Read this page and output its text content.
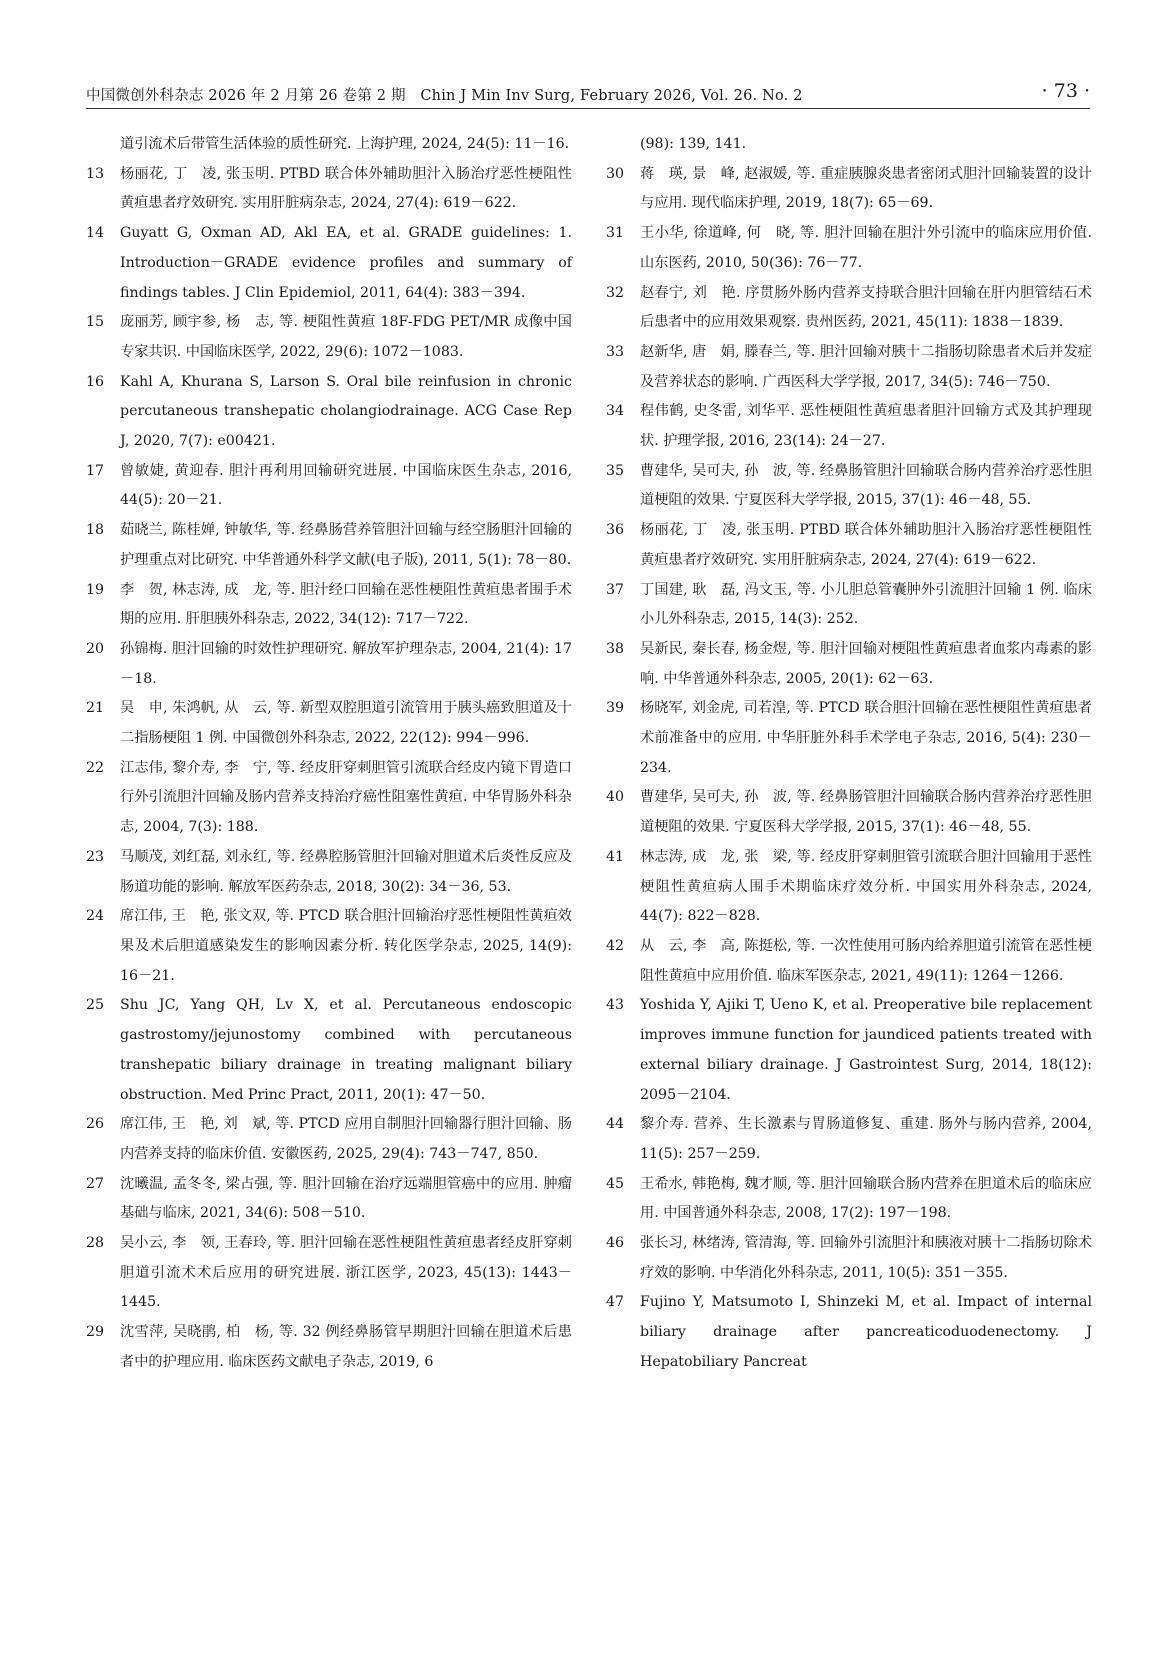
中国微创外科杂志 2026 年 2 月第 26 卷第 2 期　Chin J Min Inv Surg, February 2026, Vol. 26. No. 2	· 73 ·

道引流术后带管生活体验的质性研究. 上海护理, 2024, 24(5): 11－16.

13	杨丽花, 丁　凌, 张玉明. PTBD 联合体外辅助胆汁入肠治疗恶性梗阻性黄疸患者疗效研究. 实用肝脏病杂志, 2024, 27(4): 619－622.

14	Guyatt G, Oxman AD, Akl EA, et al. GRADE guidelines: 1. Introduction－GRADE evidence profiles and summary of findings tables. J Clin Epidemiol, 2011, 64(4): 383－394.

15	庞丽芳, 顾宇参, 杨　志, 等. 梗阻性黄疸 18F-FDG PET/MR 成像中国专家共识. 中国临床医学, 2022, 29(6): 1072－1083.

16	Kahl A, Khurana S, Larson S. Oral bile reinfusion in chronic percutaneous transhepatic cholangiodrainage. ACG Case Rep J, 2020, 7(7): e00421.

17	曾敏婕, 黄迎春. 胆汁再利用回输研究进展. 中国临床医生杂志, 2016, 44(5): 20－21.

18	茹晓兰, 陈桂婵, 钟敏华, 等. 经鼻肠营养管胆汁回输与经空肠胆汁回输的护理重点对比研究. 中华普通外科学文献(电子版), 2011, 5(1): 78－80.

19	李　贺, 林志涛, 成　龙, 等. 胆汁经口回输在恶性梗阻性黄疸患者围手术期的应用. 肝胆胰外科杂志, 2022, 34(12): 717－722.

20	孙锦梅. 胆汁回输的时效性护理研究. 解放军护理杂志, 2004, 21(4): 17－18.

21	吴　申, 朱鸿帆, 从　云, 等. 新型双腔胆道引流管用于胰头癌致胆道及十二指肠梗阻 1 例. 中国微创外科杂志, 2022, 22(12): 994－996.

22	江志伟, 黎介寿, 李　宁, 等. 经皮肝穿刺胆管引流联合经皮内镜下胃造口行外引流胆汁回输及肠内营养支持治疗癌性阻塞性黄疸. 中华胃肠外科杂志, 2004, 7(3): 188.

23	马顺茂, 刘红磊, 刘永红, 等. 经鼻腔肠管胆汁回输对胆道术后炎性反应及肠道功能的影响. 解放军医药杂志, 2018, 30(2): 34－36, 53.

24	席江伟, 王　艳, 张文双, 等. PTCD 联合胆汁回输治疗恶性梗阻性黄疸效果及术后胆道感染发生的影响因素分析. 转化医学杂志, 2025, 14(9): 16－21.

25	Shu JC, Yang QH, Lv X, et al. Percutaneous endoscopic gastrostomy/jejunostomy combined with percutaneous transhepatic biliary drainage in treating malignant biliary obstruction. Med Princ Pract, 2011, 20(1): 47－50.

26	席江伟, 王　艳, 刘　斌, 等. PTCD 应用自制胆汁回输器行胆汁回输、肠内营养支持的临床价值. 安徽医药, 2025, 29(4): 743－747, 850.

27	沈曦温, 孟冬冬, 梁占强, 等. 胆汁回输在治疗远端胆管癌中的应用. 肿瘤基础与临床, 2021, 34(6): 508－510.

28	吴小云, 李　领, 王春玲, 等. 胆汁回输在恶性梗阻性黄疸患者经皮肝穿刺胆道引流术术后应用的研究进展. 浙江医学, 2023, 45(13): 1443－1445.

29	沈雪萍, 吴晓鹃, 柏　杨, 等. 32 例经鼻肠管早期胆汁回输在胆道术后患者中的护理应用. 临床医药文献电子杂志, 2019, 6

(98): 139, 141.

30	蒋　瑛, 景　峰, 赵淑媛, 等. 重症胰腺炎患者密闭式胆汁回输装置的设计与应用. 现代临床护理, 2019, 18(7): 65－69.

31	王小华, 徐道峰, 何　晓, 等. 胆汁回输在胆汁外引流中的临床应用价值. 山东医药, 2010, 50(36): 76－77.

32	赵春宁, 刘　艳. 序贯肠外肠内营养支持联合胆汁回输在肝内胆管结石术后患者中的应用效果观察. 贵州医药, 2021, 45(11): 1838－1839.

33	赵新华, 唐　娟, 滕春兰, 等. 胆汁回输对胰十二指肠切除患者术后并发症及营养状态的影响. 广西医科大学学报, 2017, 34(5): 746－750.

34	程伟鹤, 史冬雷, 刘华平. 恶性梗阻性黄疸患者胆汁回输方式及其护理现状. 护理学报, 2016, 23(14): 24－27.

35	曹建华, 吴可夫, 孙　波, 等. 经鼻肠管胆汁回输联合肠内营养治疗恶性胆道梗阻的效果. 宁夏医科大学学报, 2015, 37(1): 46－48, 55.

36	杨丽花, 丁　凌, 张玉明. PTBD 联合体外辅助胆汁入肠治疗恶性梗阻性黄疸患者疗效研究. 实用肝脏病杂志, 2024, 27(4): 619－622.

37	丁国建, 耿　磊, 冯文玉, 等. 小儿胆总管囊肿外引流胆汁回输 1 例. 临床小儿外科杂志, 2015, 14(3): 252.

38	吴新民, 秦长春, 杨金煜, 等. 胆汁回输对梗阻性黄疸患者血浆内毒素的影响. 中华普通外科杂志, 2005, 20(1): 62－63.

39	杨晓军, 刘金虎, 司若湟, 等. PTCD 联合胆汁回输在恶性梗阻性黄疸患者术前准备中的应用. 中华肝脏外科手术学电子杂志, 2016, 5(4): 230－234.

40	曹建华, 吴可夫, 孙　波, 等. 经鼻肠管胆汁回输联合肠内营养治疗恶性胆道梗阻的效果. 宁夏医科大学学报, 2015, 37(1): 46－48, 55.

41	林志涛, 成　龙, 张　梁, 等. 经皮肝穿刺胆管引流联合胆汁回输用于恶性梗阻性黄疸病人围手术期临床疗效分析. 中国实用外科杂志, 2024, 44(7): 822－828.

42	从　云, 李　高, 陈挺松, 等. 一次性使用可肠内给养胆道引流管在恶性梗阻性黄疸中应用价值. 临床军医杂志, 2021, 49(11): 1264－1266.

43	Yoshida Y, Ajiki T, Ueno K, et al. Preoperative bile replacement improves immune function for jaundiced patients treated with external biliary drainage. J Gastrointest Surg, 2014, 18(12): 2095－2104.

44	黎介寿. 营养、生长激素与胃肠道修复、重建. 肠外与肠内营养, 2004, 11(5): 257－259.

45	王希水, 韩艳梅, 魏才顺, 等. 胆汁回输联合肠内营养在胆道术后的临床应用. 中国普通外科杂志, 2008, 17(2): 197－198.

46	张长习, 林绪涛, 管清海, 等. 回输外引流胆汁和胰液对胰十二指肠切除术疗效的影响. 中华消化外科杂志, 2011, 10(5): 351－355.

47	Fujino Y, Matsumoto I, Shinzeki M, et al. Impact of internal biliary drainage after pancreaticoduodenectomy. J Hepatobiliary Pancreat
